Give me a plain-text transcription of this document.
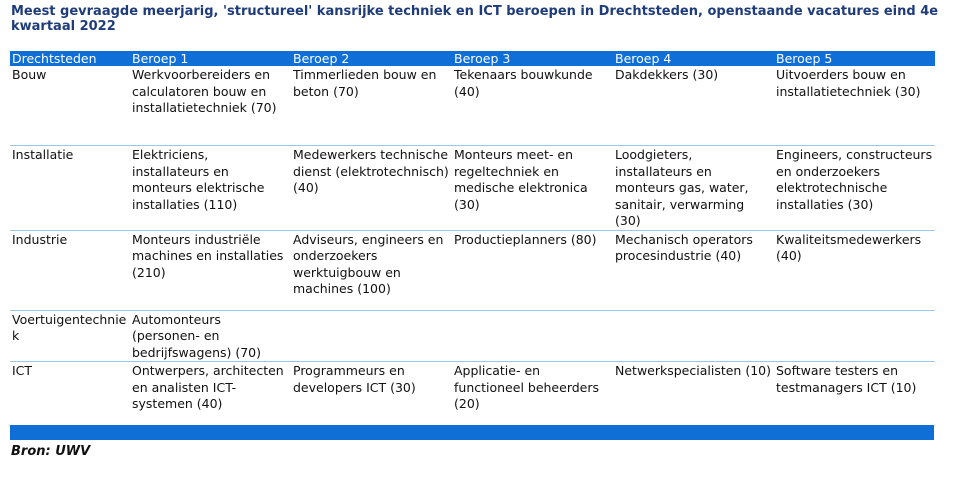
Meest gevraagde meerjarig, 'structureel' kansrijke techniek en ICT beroepen in Drechtsteden, openstaande vacatures eind 4e kwartaal 2022
Drechtsteden	Beroep 1	Beroep 2	Beroep 3	Beroep 4	Beroep 5
Bouw	Werkvoorbereiders en calculatoren bouw en installatietechniek (70)	Timmerlieden bouw en beton (70)	Tekenaars bouwkunde (40)	Dakdekkers (30)	Uitvoerders bouw en installatietechniek (30)
Installatie	Elektriciens, installateurs en monteurs elektrische installaties (110)	Medewerkers technische dienst (elektrotechnisch) (40)	Monteurs meet- en regeltechniek en medische elektronica (30)	Loodgieters, installateurs en monteurs gas, water, sanitair, verwarming (30)	Engineers, constructeurs en onderzoekers elektrotechnische installaties (30)
Industrie	Monteurs industriële machines en installaties (210)	Adviseurs, engineers en onderzoekers werktuigbouw en machines (100)	Productieplanners (80)	Mechanisch operators procesindustrie (40)	Kwaliteitsmedewerkers (40)
Voertuigentechniek	Automonteurs (personen- en bedrijfswagens) (70)				
ICT	Ontwerpers, architecten en analisten ICT-systemen (40)	Programmeurs en developers ICT (30)	Applicatie- en functioneel beheerders (20)	Netwerkspecialisten (10)	Software testers en testmanagers ICT (10)
Bron: UWV
